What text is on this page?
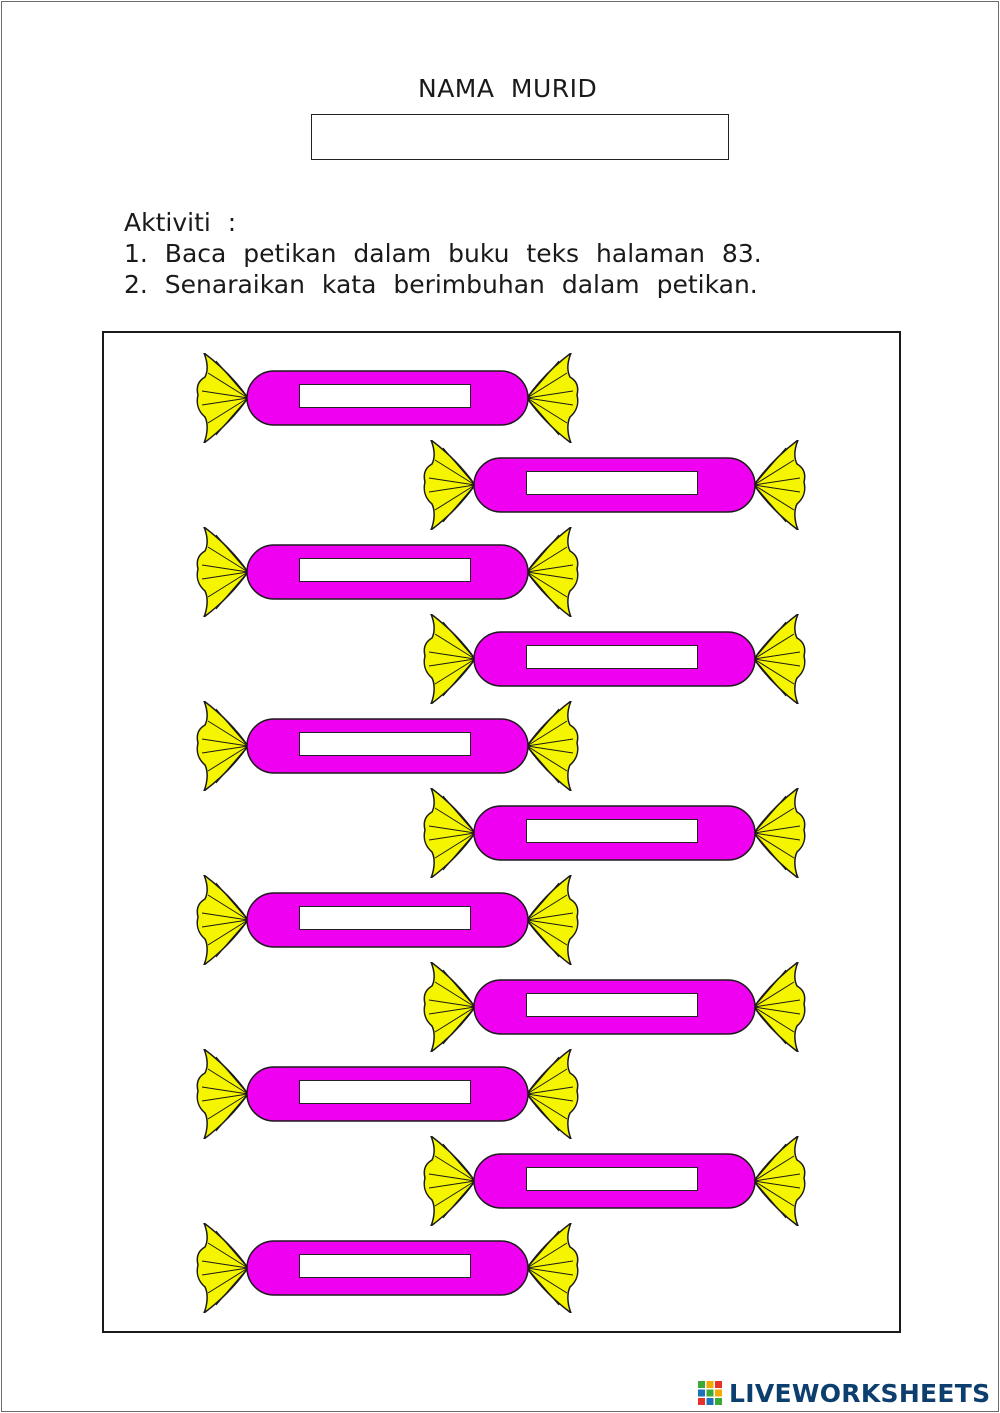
NAMA MURID
Aktiviti :
1. Baca petikan dalam buku teks halaman 83.
2. Senaraikan kata berimbuhan dalam petikan.
LIVEWORKSHEETS
